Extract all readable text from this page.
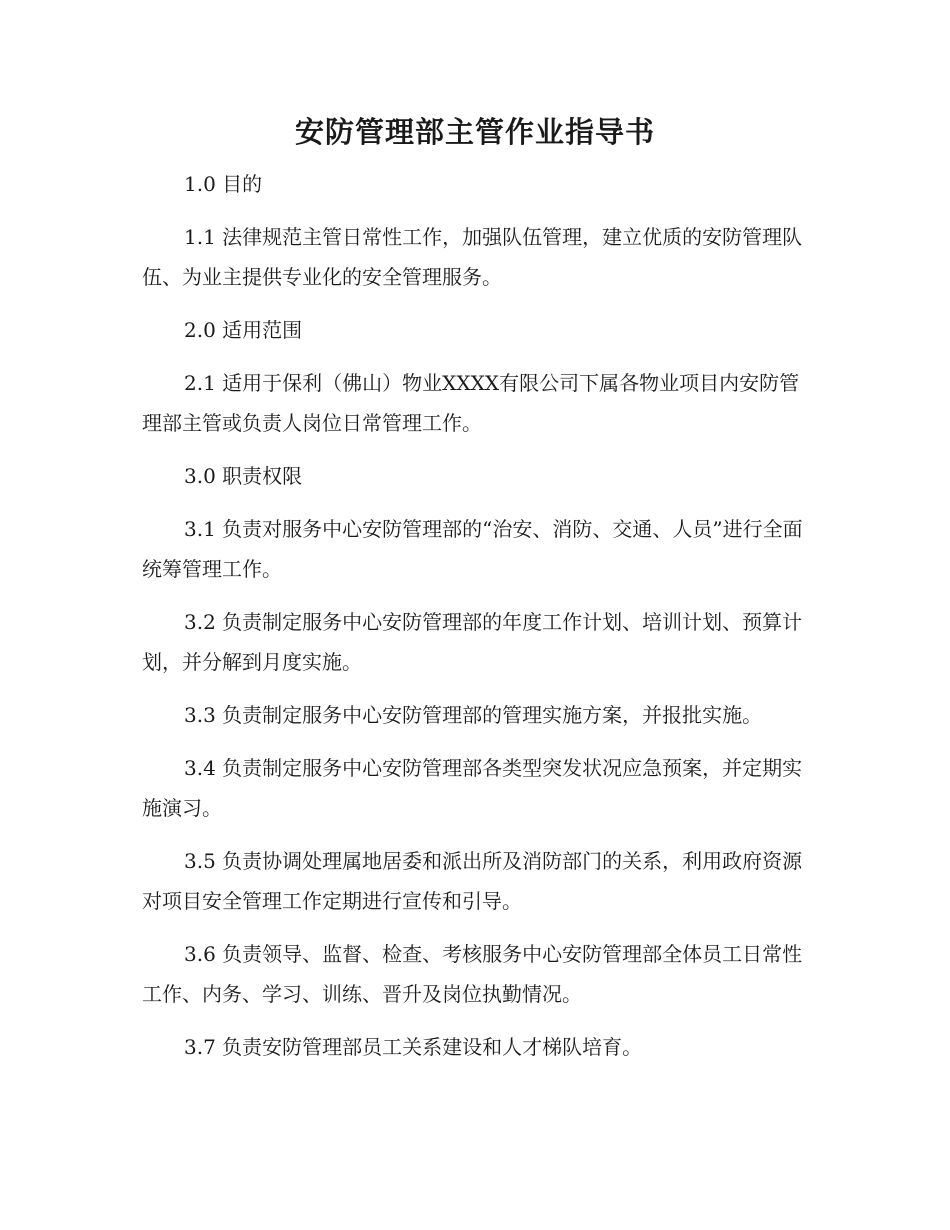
安防管理部主管作业指导书

1.0 目的

1.1 法律规范主管日常性工作，加强队伍管理，建立优质的安防管理队伍、为业主提供专业化的安全管理服务。

2.0 适用范围

2.1 适用于保利（佛山）物业XXXX有限公司下属各物业项目内安防管理部主管或负责人岗位日常管理工作。

3.0 职责权限

3.1 负责对服务中心安防管理部的“治安、消防、交通、人员”进行全面统筹管理工作。

3.2 负责制定服务中心安防管理部的年度工作计划、培训计划、预算计划，并分解到月度实施。

3.3 负责制定服务中心安防管理部的管理实施方案，并报批实施。

3.4 负责制定服务中心安防管理部各类型突发状况应急预案，并定期实施演习。

3.5 负责协调处理属地居委和派出所及消防部门的关系，利用政府资源对项目安全管理工作定期进行宣传和引导。

3.6 负责领导、监督、检查、考核服务中心安防管理部全体员工日常性工作、内务、学习、训练、晋升及岗位执勤情况。

3.7 负责安防管理部员工关系建设和人才梯队培育。
